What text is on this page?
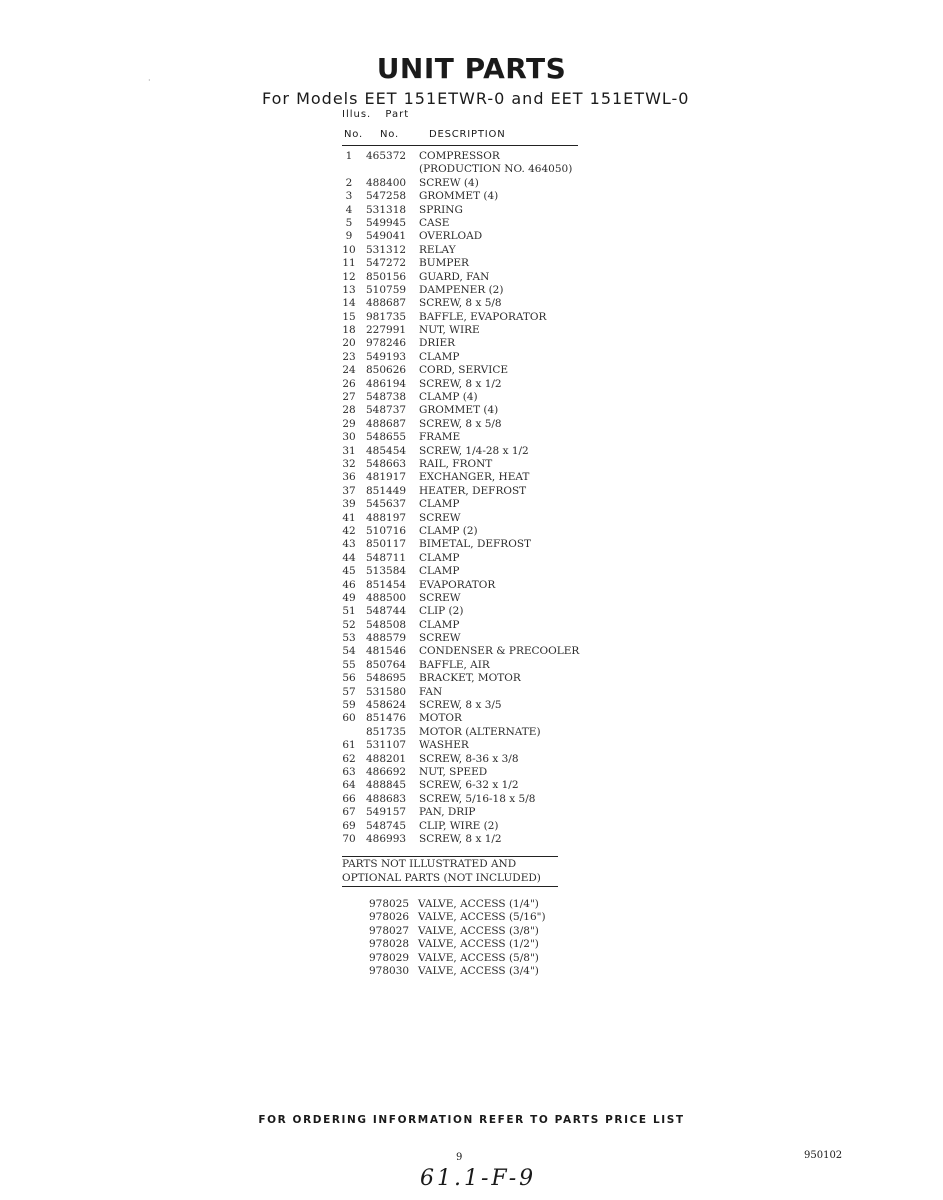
·	UNIT PARTS
For Models EET 151ETWR-0 and EET 151ETWL-0
Illus. Part
No. No.	DESCRIPTION
1	465372 COMPRESSOR
(PRODUCTION NO. 464050)
2	488400 SCREW (4)
3	547258 GROMMET (4)
4	531318 SPRING
5	549945 CASE
9	549041 OVERLOAD
10 531312 RELAY
11 547272 BUMPER
12 850156 GUARD, FAN
13 510759 DAMPENER (2)
14 488687 SCREW, 8 x 5/8
15 981735 BAFFLE, EVAPORATOR
18 227991 NUT, WIRE
20 978246 DRIER
23 549193 CLAMP
24 850626 CORD, SERVICE
26 486194 SCREW, 8 x 1/2
27 548738 CLAMP (4)
28 548737 GROMMET (4)
29 488687 SCREW, 8 x 5/8
30 548655 FRAME
31 485454 SCREW, 1/4-28 x 1/2
32 548663 RAIL, FRONT
36 481917 EXCHANGER, HEAT
37 851449 HEATER, DEFROST
39 545637 CLAMP
41 488197 SCREW
42 510716 CLAMP (2)
43 850117 BIMETAL, DEFROST
44 548711 CLAMP
45 513584 CLAMP
46 851454 EVAPORATOR
49 488500 SCREW
51 548744 CLIP (2)
52 548508 CLAMP
53 488579 SCREW
54 481546 CONDENSER & PRECOOLER
55 850764 BAFFLE, AIR
56 548695 BRACKET, MOTOR
57 531580 FAN
59 458624 SCREW, 8 x 3/5
60 851476 MOTOR
851735 MOTOR (ALTERNATE)
61 531107 WASHER
62 488201 SCREW, 8-36 x 3/8
63 486692 NUT, SPEED
64 488845 SCREW, 6-32 x 1/2
66 488683 SCREW, 5/16-18 x 5/8
67 549157 PAN, DRIP
69 548745 CLIP, WIRE (2)
70 486993 SCREW, 8 x 1/2
PARTS NOT ILLUSTRATED AND
OPTIONAL PARTS (NOT INCLUDED)
978025 VALVE, ACCESS (1/4")
978026 VALVE, ACCESS (5/16")
978027 VALVE, ACCESS (3/8")
978028 VALVE, ACCESS (1/2")
978029 VALVE, ACCESS (5/8")
978030 VALVE, ACCESS (3/4")
FOR ORDERING INFORMATION REFER TO PARTS PRICE LIST
9	950102
61.1-F-9
